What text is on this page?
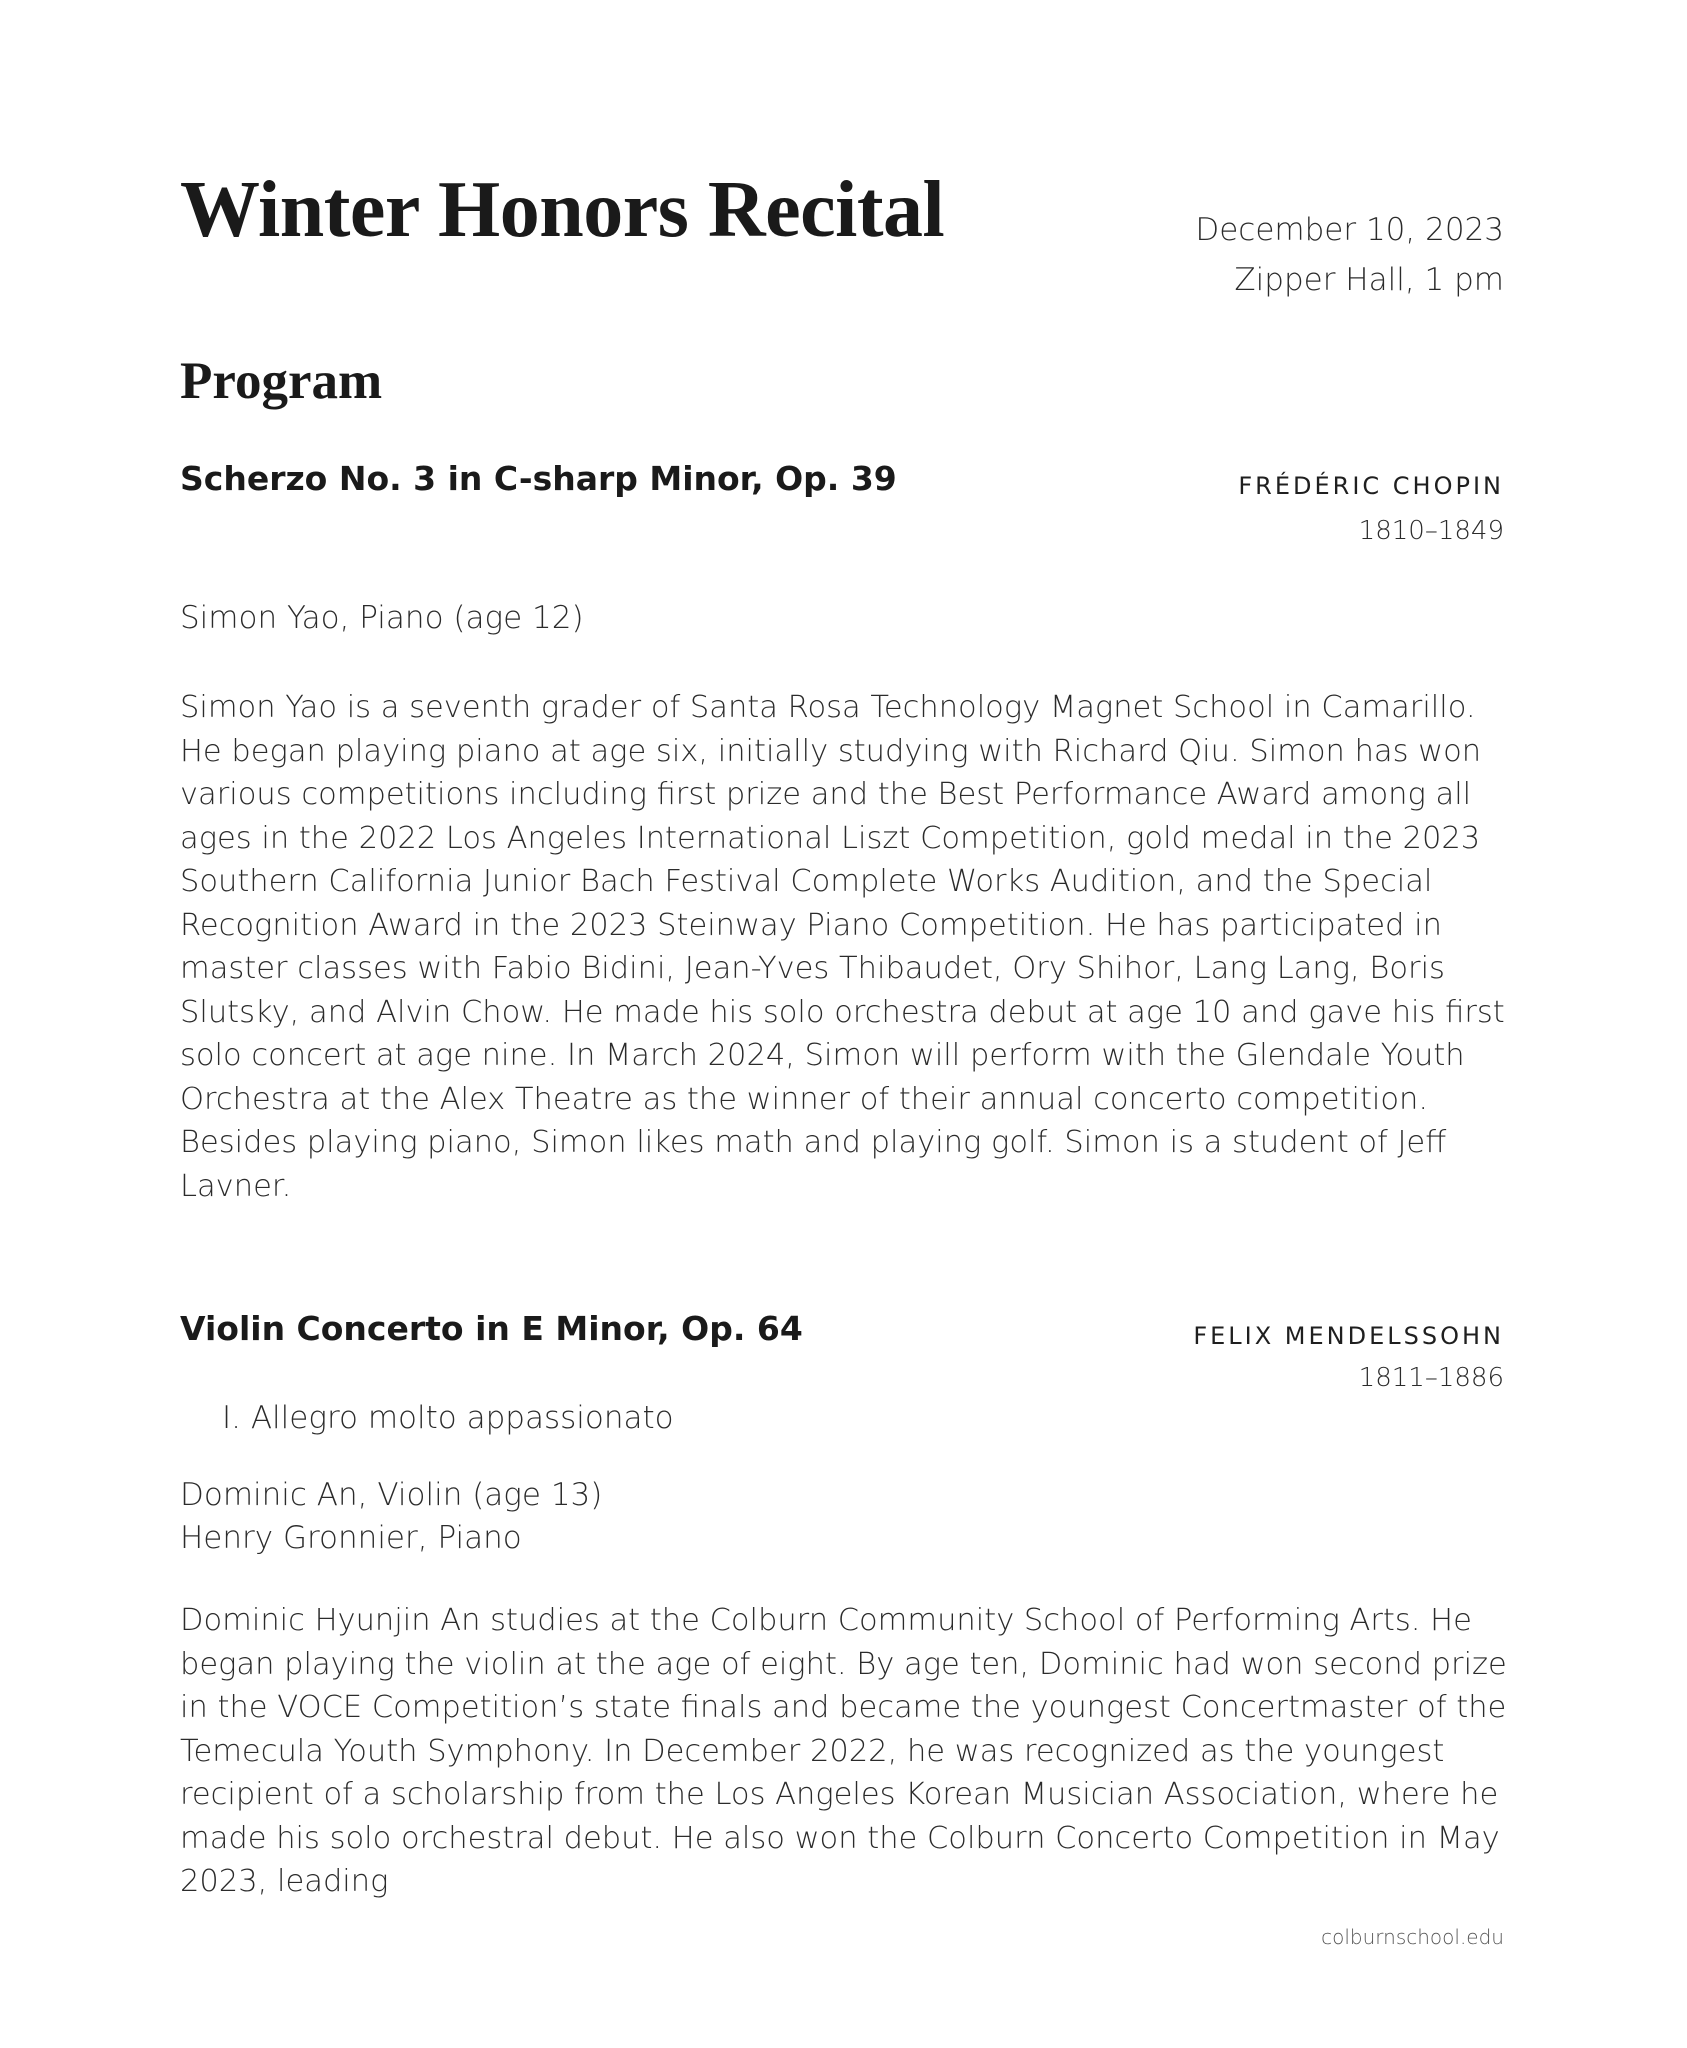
Winter Honors Recital	December 10, 2023
Zipper Hall, 1 pm
Program
Scherzo No. 3 in C-sharp Minor, Op. 39	FRÉDÉRIC CHOPIN
1810–1849
Simon Yao, Piano (age 12)

Simon Yao is a seventh grader of Santa Rosa Technology Magnet School in Camarillo. He began playing piano at age six, initially studying with Richard Qiu. Simon has won various competitions including first prize and the Best Performance Award among all ages in the 2022 Los Angeles International Liszt Competition, gold medal in the 2023 Southern California Junior Bach Festival Complete Works Audition, and the Special Recognition Award in the 2023 Steinway Piano Competition. He has participated in master classes with Fabio Bidini, Jean-Yves Thibaudet, Ory Shihor, Lang Lang, Boris Slutsky, and Alvin Chow. He made his solo orchestra debut at age 10 and gave his first solo concert at age nine. In March 2024, Simon will perform with the Glendale Youth Orchestra at the Alex Theatre as the winner of their annual concerto competition. Besides playing piano, Simon likes math and playing golf. Simon is a student of Jeff Lavner.

Violin Concerto in E Minor, Op. 64	FELIX MENDELSSOHN
1811–1886
I. Allegro molto appassionato
Dominic An, Violin (age 13)
Henry Gronnier, Piano

Dominic Hyunjin An studies at the Colburn Community School of Performing Arts. He began playing the violin at the age of eight. By age ten, Dominic had won second prize in the VOCE Competition’s state finals and became the youngest Concertmaster of the Temecula Youth Symphony. In December 2022, he was recognized as the youngest recipient of a scholarship from the Los Angeles Korean Musician Association, where he made his solo orchestral debut. He also won the Colburn Concerto Competition in May 2023, leading

colburnschool.edu
